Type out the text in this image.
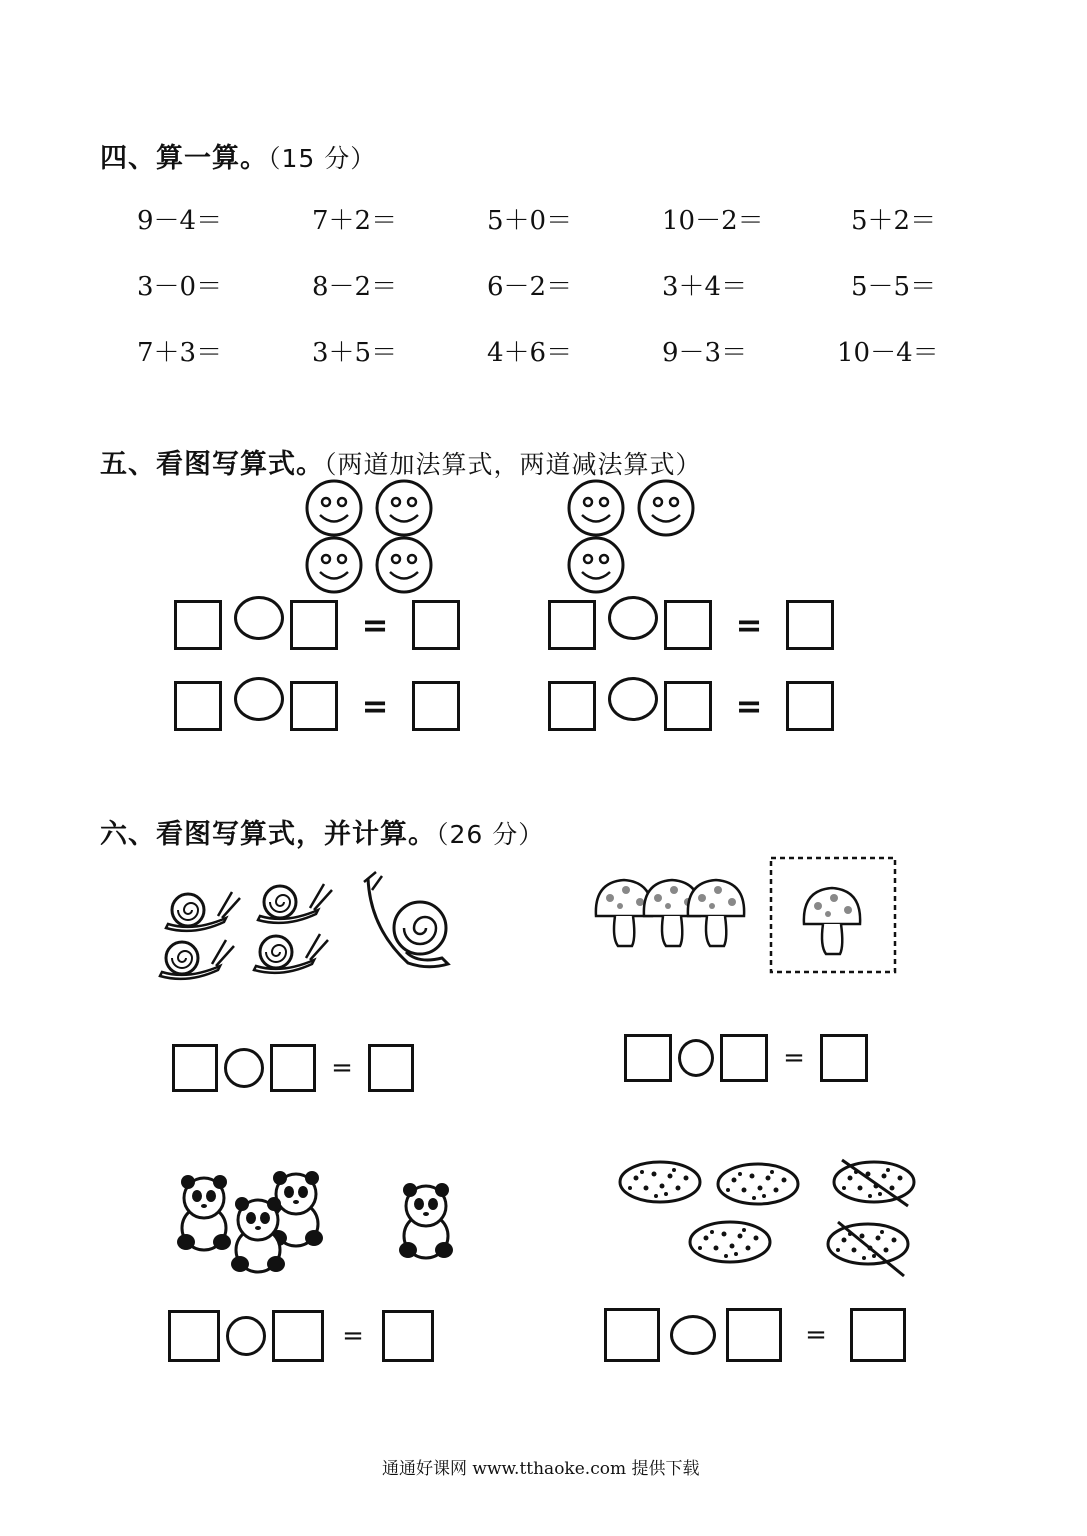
四、算一算。（15 分）
9－4＝	7＋2＝	5＋0＝	10－2＝	5＋2＝
3－0＝	8－2＝	6－2＝	3＋4＝	5－5＝
7＋3＝	3＋5＝	4＋6＝	9－3＝	10－4＝
五、看图写算式。（两道加法算式，两道减法算式）
=	=
=	=
六、看图写算式，并计算。（26 分）
=	=
=	=
通通好课网 www.tthaoke.com 提供下载
